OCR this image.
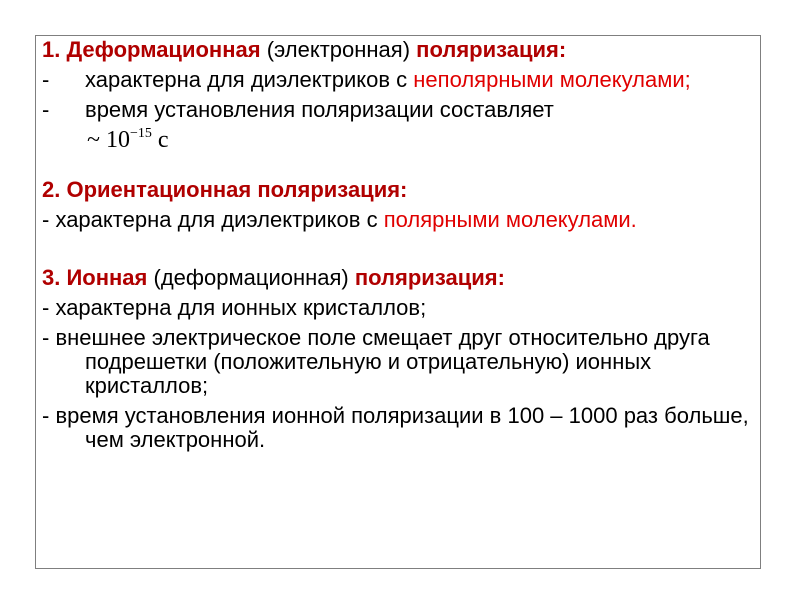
1. Деформационная (электронная) поляризация:

- характерна для диэлектриков с неполярными молекулами;

- время установления поляризации составляет

~ $10^{-15}$ с

2. Ориентационная поляризация:

- характерна для диэлектриков с полярными молекулами.

3. Ионная (деформационная) поляризация:

- характерна для ионных кристаллов;

- внешнее электрическое поле смещает друг относительно друга подрешетки (положительную и отрицательную) ионных кристаллов;

- время установления ионной поляризации в 100 – 1000 раз больше, чем электронной.
